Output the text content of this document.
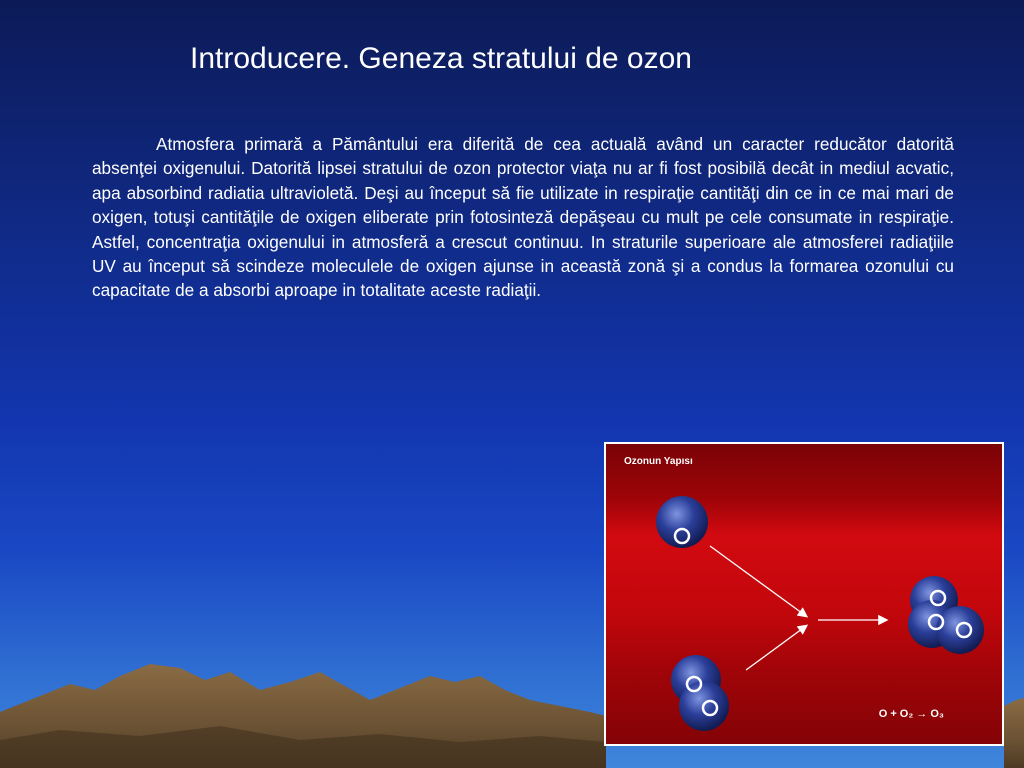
Introducere. Geneza stratului de ozon
Atmosfera primară a Pământului era diferită de cea actuală având un caracter reducător datorită absenţei oxigenului. Datorită lipsei stratului de ozon protector viaţa nu ar fi fost posibilă decât in mediul acvatic, apa absorbind radiatia ultravioletă. Deşi au început să fie utilizate in respiraţie cantităţi din ce in ce mai mari de oxigen, totuşi cantităţile de oxigen eliberate prin fotosinteză depăşeau cu mult pe cele consumate in respiraţie. Astfel, concentraţia oxigenului in atmosferă a crescut continuu. In straturile superioare ale atmosferei radiaţiile UV au început să scindeze moleculele de oxigen ajunse in această zonă şi a condus la formarea ozonului cu capacitate de a absorbi aproape in totalitate aceste radiaţii.
Ozonun Yapısı
O + O₂ → O₃
